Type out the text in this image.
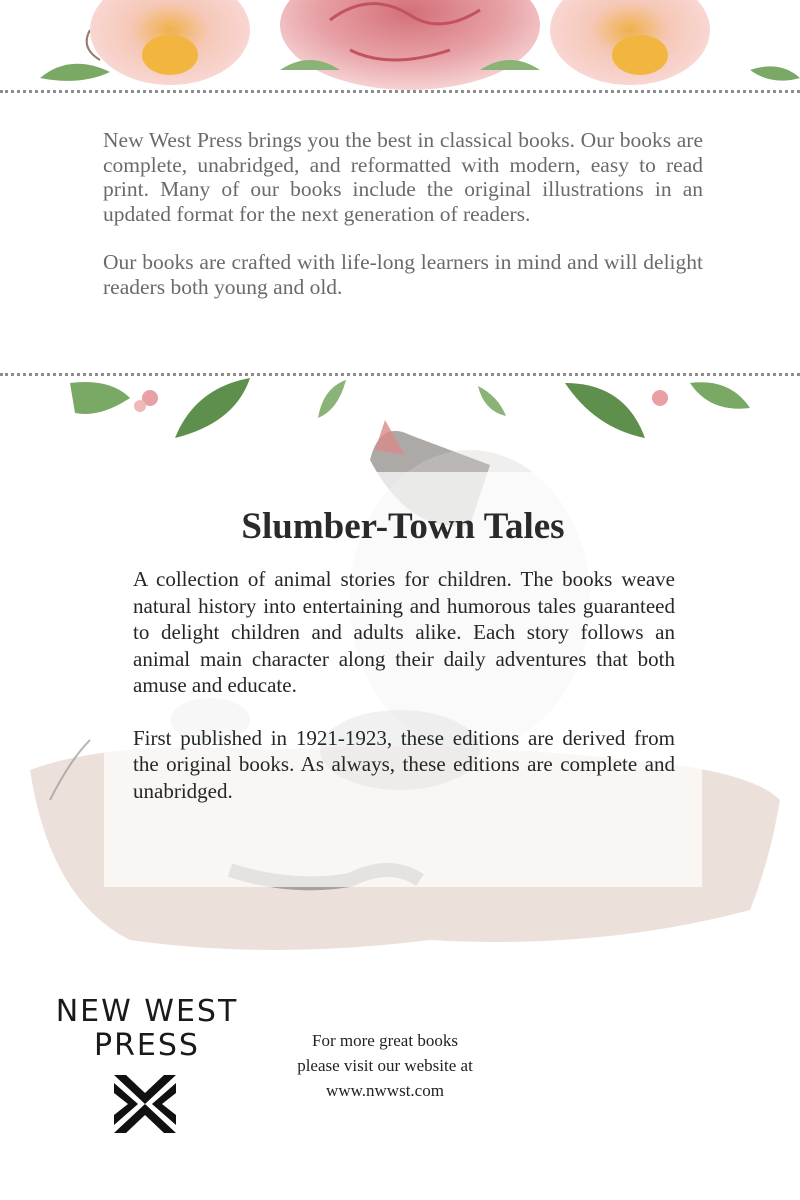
New West Press brings you the best in classical books. Our books are complete, unabridged, and reformatted with modern, easy to read print. Many of our books include the original illustrations in an updated format for the next generation of readers.

Our books are crafted with life-long learners in mind and will delight readers both young and old.

Slumber-Town Tales

A collection of animal stories for children. The books weave natural history into entertaining and humorous tales guaranteed to delight children and adults alike. Each story follows an animal main character along their daily adventures that both amuse and educate.

First published in 1921-1923, these editions are derived from the original books. As always, these editions are complete and unabridged.

NEW WEST
PRESS	For more great books
please visit our website at
www.nwwst.com
